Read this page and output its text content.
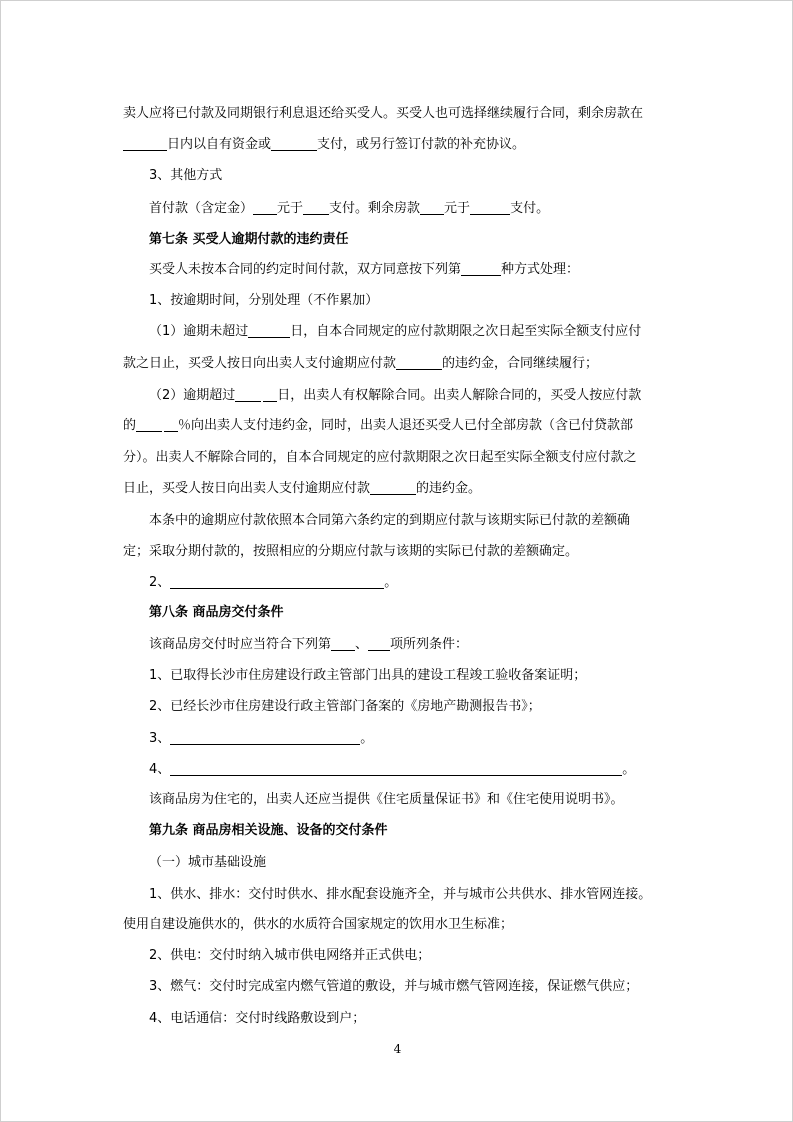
卖人应将已付款及同期银行利息退还给买受人。买受人也可选择继续履行合同，剩余房款在
日内以自有资金或	支付，或另行签订付款的补充协议。
3、其他方式
首付款（含定金） 元于 支付。剩余房款 元于	支付。
第七条 买受人逾期付款的违约责任
买受人未按本合同的约定时间付款，双方同意按下列第	种方式处理：
1、按逾期时间，分别处理（不作累加）
（1）逾期未超过	日，自本合同规定的应付款期限之次日起至实际全额支付应付
款之日止，买受人按日向出卖人支付逾期应付款	的违约金，合同继续履行；
（2）逾期超过	日，出卖人有权解除合同。出卖人解除合同的，买受人按应付款
的	％向出卖人支付违约金，同时，出卖人退还买受人已付全部房款（含已付贷款部
分）。出卖人不解除合同的，自本合同规定的应付款期限之次日起至实际全额支付应付款之
日止，买受人按日向出卖人支付逾期应付款	的违约金。
本条中的逾期应付款依照本合同第六条约定的到期应付款与该期实际已付款的差额确
定；采取分期付款的，按照相应的分期应付款与该期的实际已付款的差额确定。
2、	。
第八条 商品房交付条件
该商品房交付时应当符合下列第 、 项所列条件：
1、已取得长沙市住房建设行政主管部门出具的建设工程竣工验收备案证明；
2、已经长沙市住房建设行政主管部门备案的《房地产勘测报告书》；
3、	。
4、	。
该商品房为住宅的，出卖人还应当提供《住宅质量保证书》和《住宅使用说明书》。
第九条 商品房相关设施、设备的交付条件
（一）城市基础设施
1、供水、排水：交付时供水、排水配套设施齐全，并与城市公共供水、排水管网连接。
使用自建设施供水的，供水的水质符合国家规定的饮用水卫生标准；
2、供电：交付时纳入城市供电网络并正式供电；
3、燃气：交付时完成室内燃气管道的敷设，并与城市燃气管网连接，保证燃气供应；
4、电话通信：交付时线路敷设到户；
4
